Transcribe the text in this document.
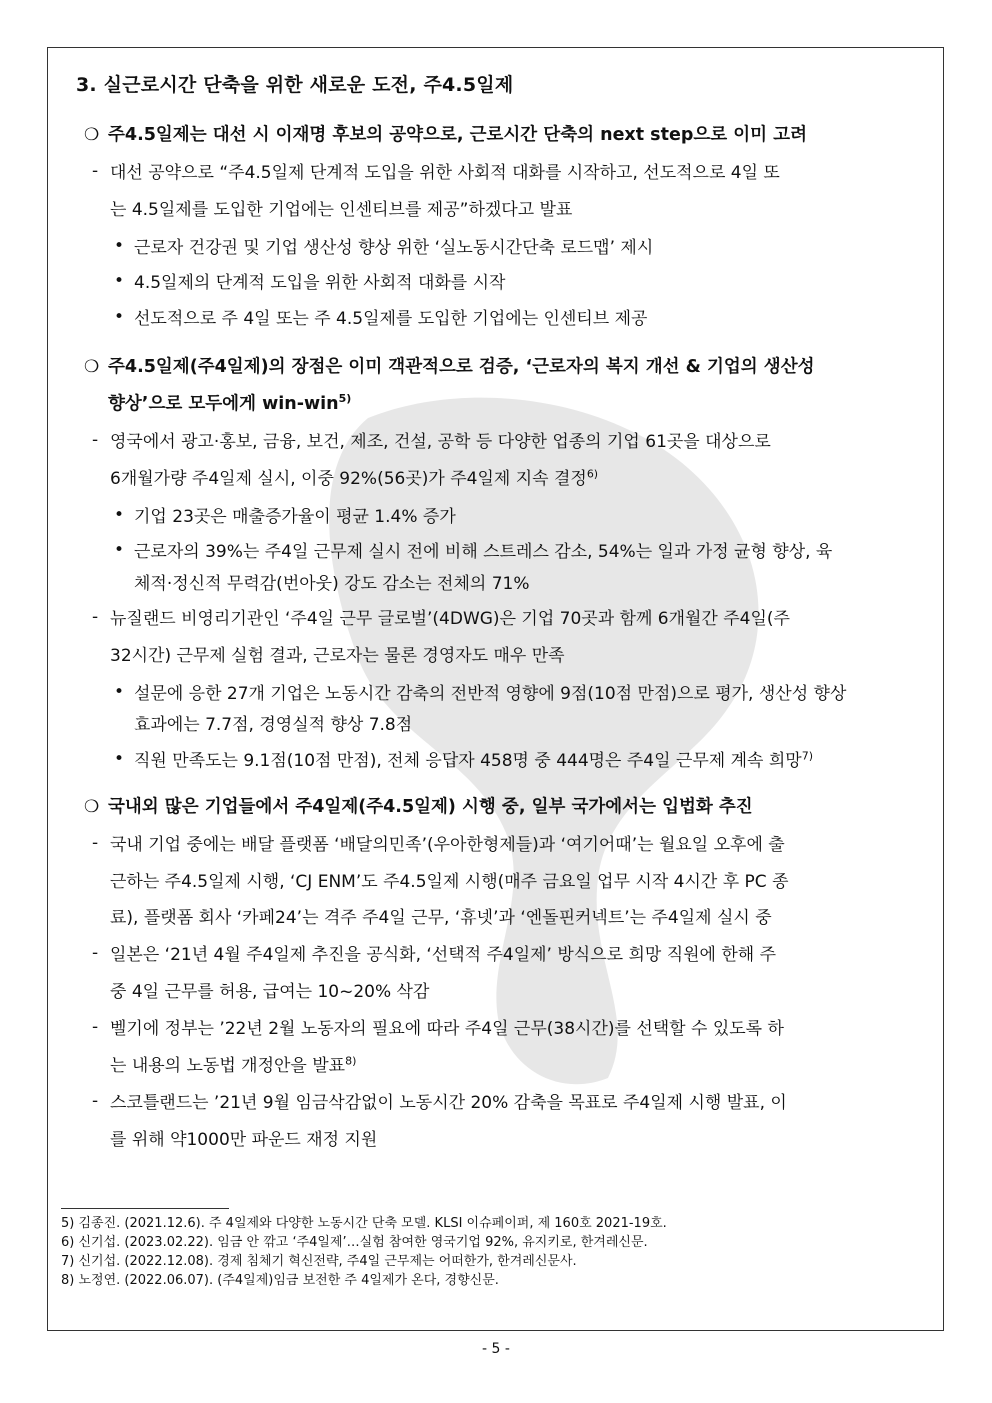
3. 실근로시간 단축을 위한 새로운 도전, 주4.5일제
❍ 주4.5일제는 대선 시 이재명 후보의 공약으로, 근로시간 단축의 next step으로 이미 고려
- 대선 공약으로 “주4.5일제 단계적 도입을 위한 사회적 대화를 시작하고, 선도적으로 4일 또
는 4.5일제를 도입한 기업에는 인센티브를 제공”하겠다고 발표
• 근로자 건강권 및 기업 생산성 향상 위한 ‘실노동시간단축 로드맵’ 제시
• 4.5일제의 단계적 도입을 위한 사회적 대화를 시작
• 선도적으로 주 4일 또는 주 4.5일제를 도입한 기업에는 인센티브 제공
❍ 주4.5일제(주4일제)의 장점은 이미 객관적으로 검증, ‘근로자의 복지 개선 & 기업의 생산성
향상’으로 모두에게 win-win$^{5)}$
- 영국에서 광고·홍보, 금융, 보건, 제조, 건설, 공학 등 다양한 업종의 기업 61곳을 대상으로
6개월가량 주4일제 실시, 이중 92%(56곳)가 주4일제 지속 결정$^{6)}$
• 기업 23곳은 매출증가율이 평균 1.4% 증가
• 근로자의 39%는 주4일 근무제 실시 전에 비해 스트레스 감소, 54%는 일과 가정 균형 향상, 육
체적·정신적 무력감(번아웃) 강도 감소는 전체의 71%
- 뉴질랜드 비영리기관인 ‘주4일 근무 글로벌’(4DWG)은 기업 70곳과 함께 6개월간 주4일(주
32시간) 근무제 실험 결과, 근로자는 물론 경영자도 매우 만족
• 설문에 응한 27개 기업은 노동시간 감축의 전반적 영향에 9점(10점 만점)으로 평가, 생산성 향상
효과에는 7.7점, 경영실적 향상 7.8점
• 직원 만족도는 9.1점(10점 만점), 전체 응답자 458명 중 444명은 주4일 근무제 계속 희망$^{7)}$
❍ 국내외 많은 기업들에서 주4일제(주4.5일제) 시행 중, 일부 국가에서는 입법화 추진
- 국내 기업 중에는 배달 플랫폼 ‘배달의민족’(우아한형제들)과 ‘여기어때’는 월요일 오후에 출
근하는 주4.5일제 시행, ‘CJ ENM’도 주4.5일제 시행(매주 금요일 업무 시작 4시간 후 PC 종
료), 플랫폼 회사 ‘카페24’는 격주 주4일 근무, ‘휴넷’과 ‘엔돌핀커넥트’는 주4일제 실시 중
- 일본은 ‘21년 4월 주4일제 추진을 공식화, ‘선택적 주4일제’ 방식으로 희망 직원에 한해 주
중 4일 근무를 허용, 급여는 10~20% 삭감
- 벨기에 정부는 ’22년 2월 노동자의 필요에 따라 주4일 근무(38시간)를 선택할 수 있도록 하
는 내용의 노동법 개정안을 발표$^{8)}$
- 스코틀랜드는 ’21년 9월 임금삭감없이 노동시간 20% 감축을 목표로 주4일제 시행 발표, 이
를 위해 약1000만 파운드 재정 지원
5) 김종진. (2021.12.6). 주 4일제와 다양한 노동시간 단축 모델. KLSI 이슈페이퍼, 제 160호 2021-19호.
6) 신기섭. (2023.02.22). 임금 안 깎고 ‘주4일제’…실험 참여한 영국기업 92%, 유지키로, 한겨레신문.
7) 신기섭. (2022.12.08). 경제 침체기 혁신전략, 주4일 근무제는 어떠한가, 한겨레신문사.
8) 노정연. (2022.06.07). (주4일제)임금 보전한 주 4일제가 온다, 경향신문.
- 5 -
